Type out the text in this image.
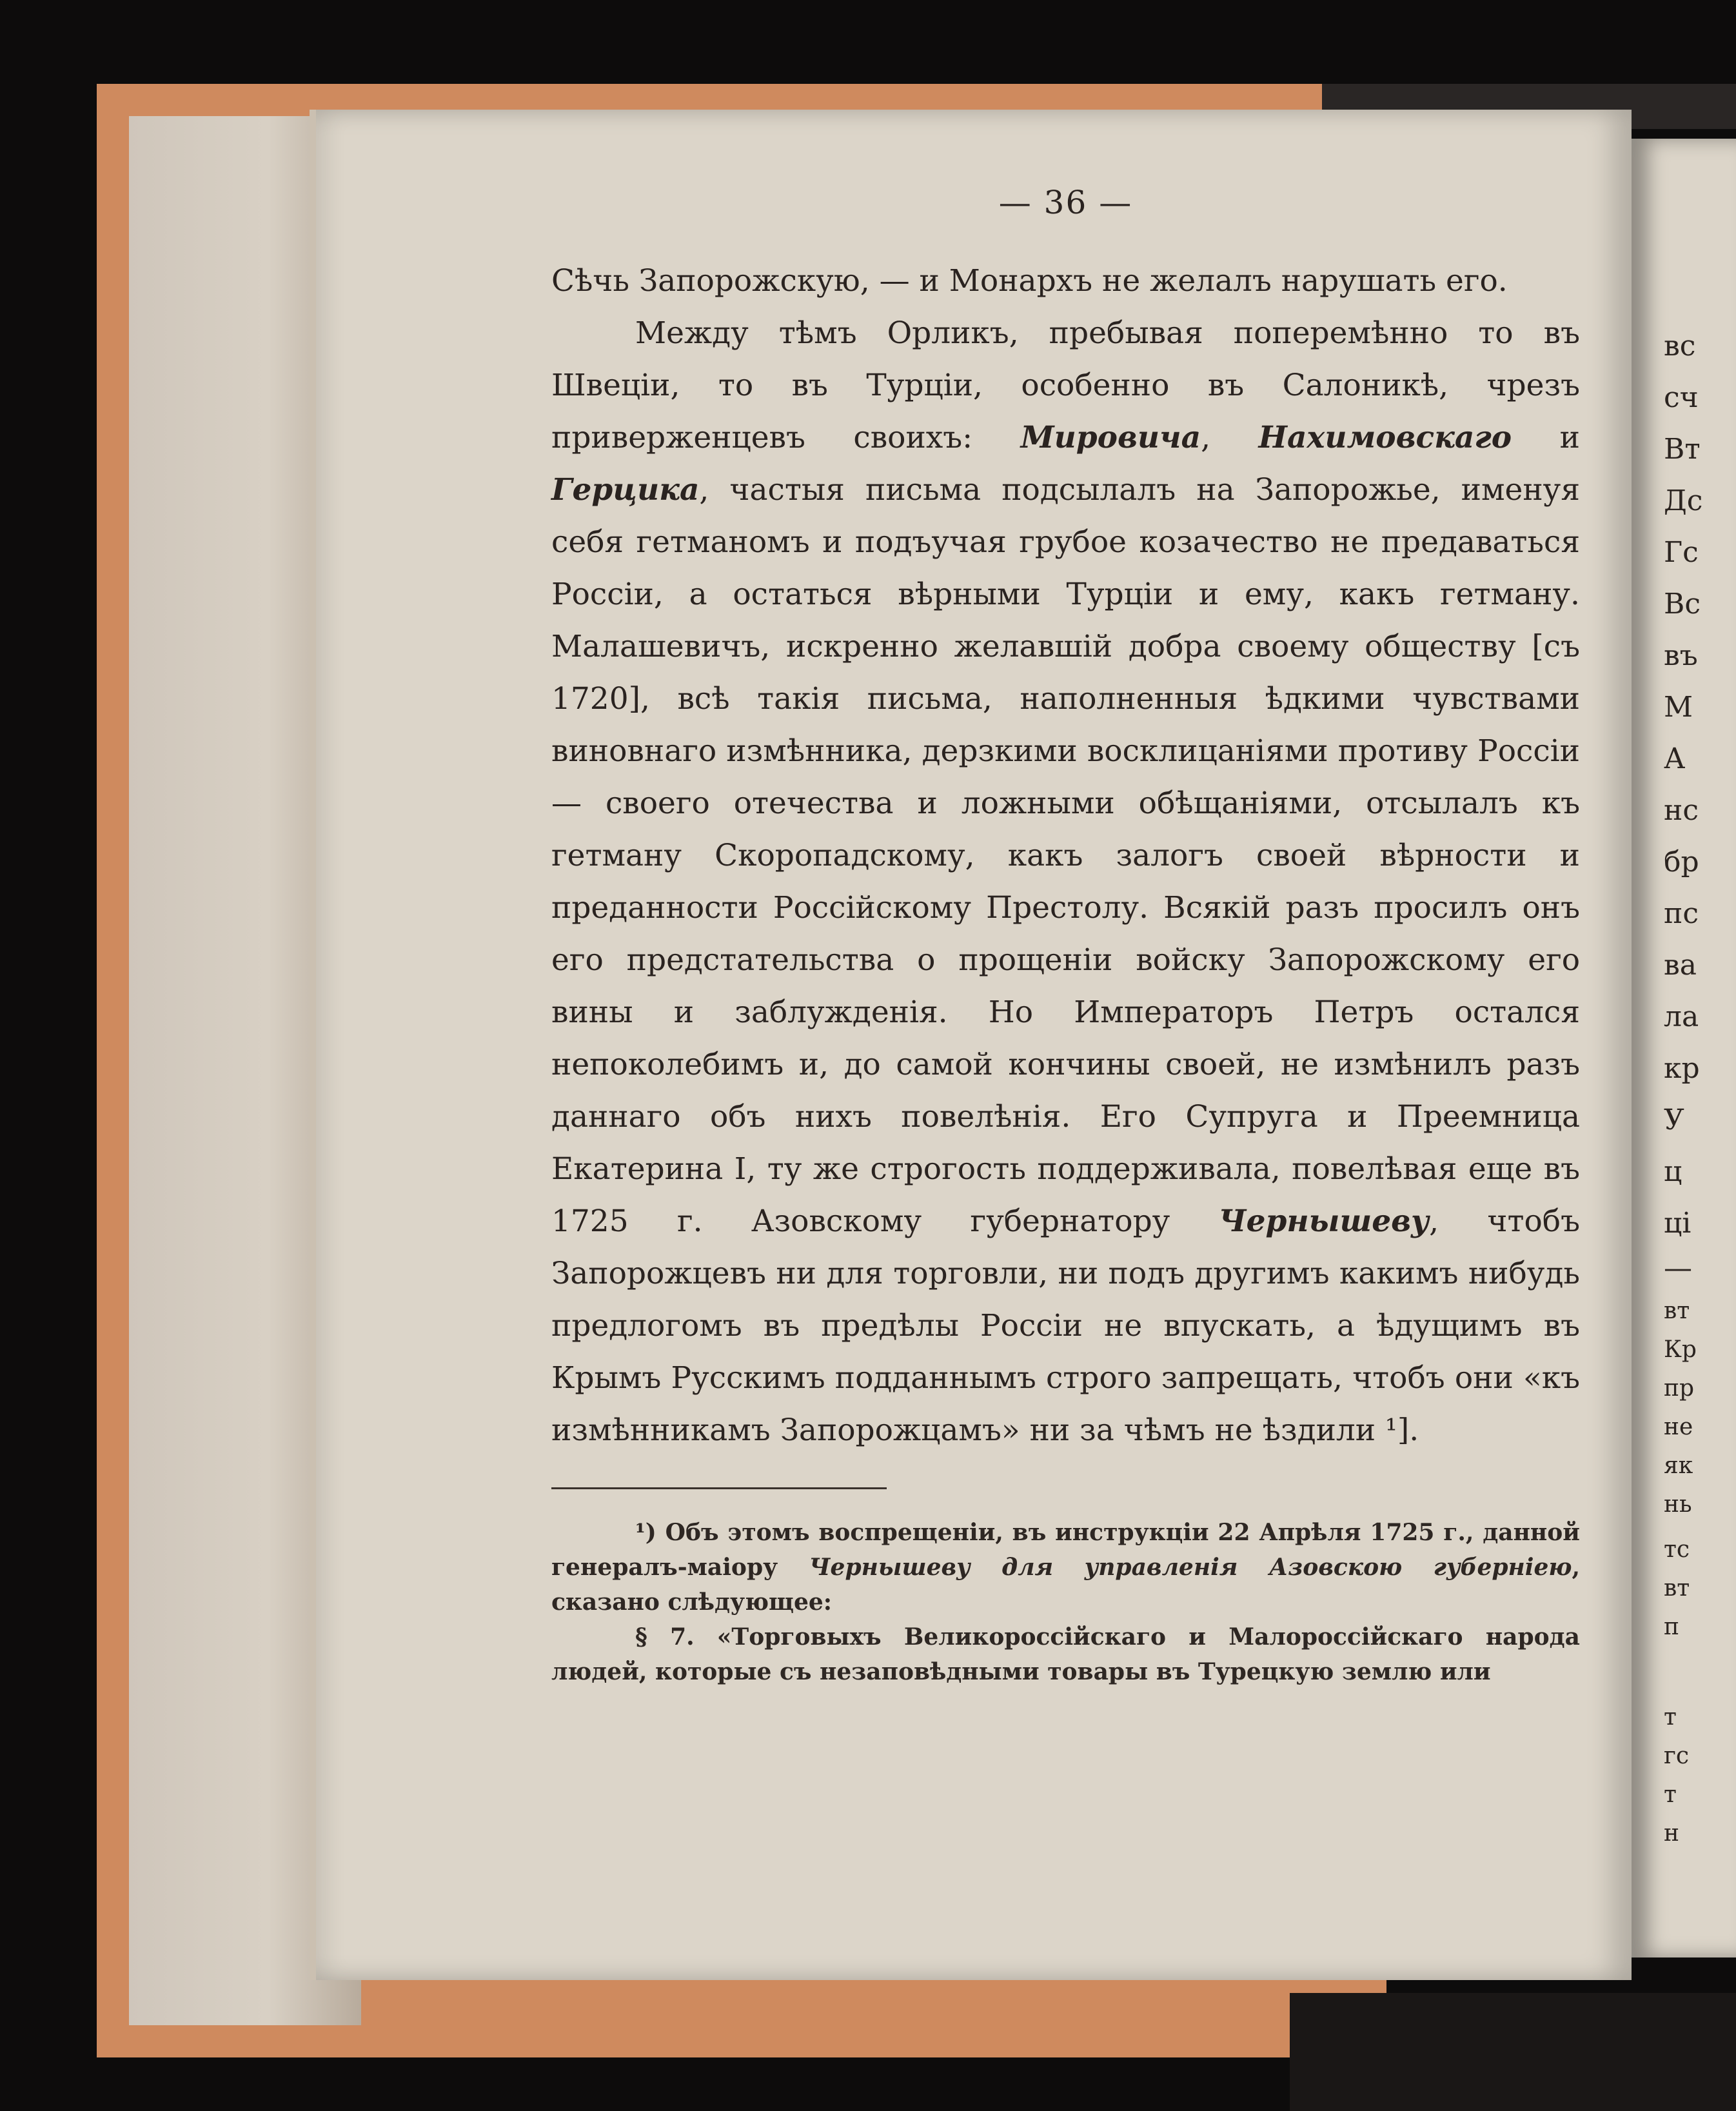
вс
сч
Вт
Дс
Гс
Вс
въ
М
А
нс
бр
пс
ва
ла
кр
У
ц
ці
—
вт
Кр
пр
не
як
нь
тс
вт
п
т
гс
т
н
— 36 —

Сѣчь Запорожскую, — и Монархъ не желалъ нарушать его.

Между тѣмъ Орликъ, пребывая поперемѣнно то въ Швеціи, то въ Турціи, особенно въ Салоникѣ, чрезъ приверженцевъ своихъ: Мировича, Нахимовскаго и Герцика, частыя письма подсылалъ на Запорожье, именуя себя гетманомъ и подъучая грубое козачество не предаваться Россіи, а остаться вѣрными Турціи и ему, какъ гетману. Малашевичъ, искренно желавшій добра своему обществу [съ 1720], всѣ такія письма, наполненныя ѣдкими чувствами виновнаго измѣнника, дерзкими восклицаніями противу Россіи — своего отечества и ложными обѣщаніями, отсылалъ къ гетману Скоропадскому, какъ залогъ своей вѣрности и преданности Россійскому Престолу. Всякій разъ просилъ онъ его предстательства о прощеніи войску Запорожскому его вины и заблужденія. Но Императоръ Петръ остался непоколебимъ и, до самой кончины своей, не измѣнилъ разъ даннаго объ нихъ повелѣнія. Его Супруга и Преемница Екатерина I, ту же строгость поддерживала, повелѣвая еще въ 1725 г. Азовскому губернатору Чернышеву, чтобъ Запорожцевъ ни для торговли, ни подъ другимъ какимъ нибудь предлогомъ въ предѣлы Россіи не впускать, а ѣдущимъ въ Крымъ Русскимъ подданнымъ строго запрещать, чтобъ они «къ измѣнникамъ Запорожцамъ» ни за чѣмъ не ѣздили ¹].

¹) Объ этомъ воспрещеніи, въ инструкціи 22 Апрѣля 1725 г., данной генералъ-маіору Чернышеву для управленія Азовскою губерніею, сказано слѣдующее:

§ 7. «Торговыхъ Великороссійскаго и Малороссійскаго народа людей, которые съ незаповѣдными товары въ Турецкую землю или
